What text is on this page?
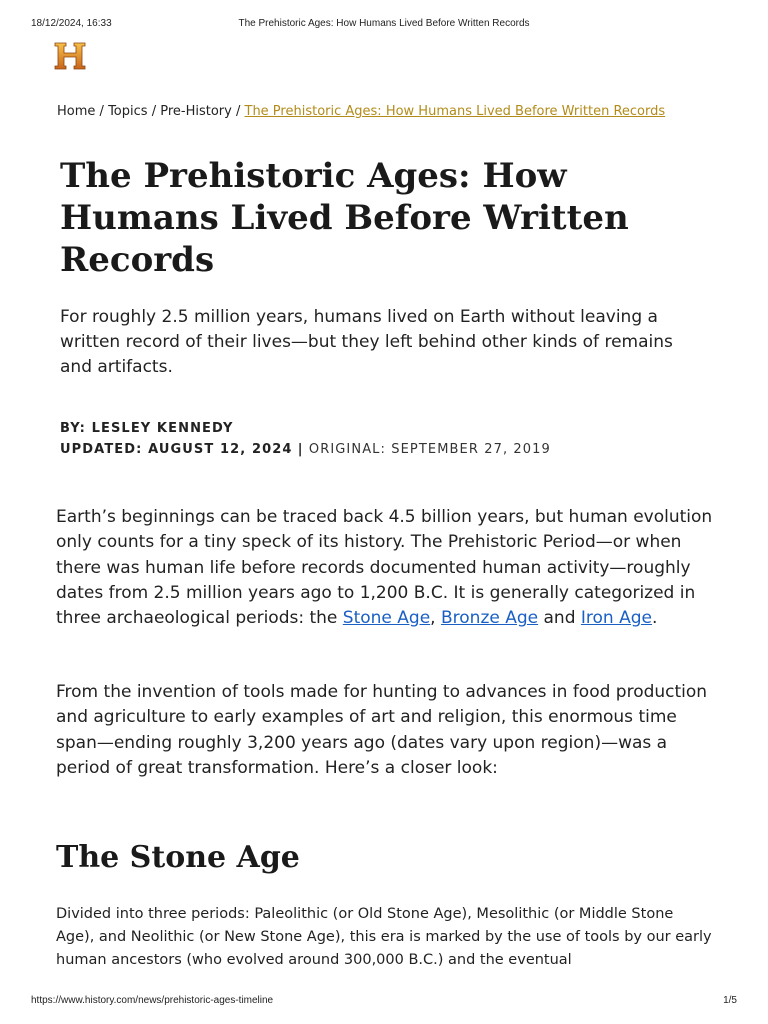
18/12/2024, 16:33	The Prehistoric Ages: How Humans Lived Before Written Records
Home / Topics / Pre-History / The Prehistoric Ages: How Humans Lived Before Written Records
The Prehistoric Ages: How
Humans Lived Before Written
Records

For roughly 2.5 million years, humans lived on Earth without leaving a written record of their lives—but they left behind other kinds of remains and artifacts.

BY: LESLEY KENNEDY
UPDATED: AUGUST 12, 2024 | ORIGINAL: SEPTEMBER 27, 2019

Earth’s beginnings can be traced back 4.5 billion years, but human evolution only counts for a tiny speck of its history. The Prehistoric Period—or when there was human life before records documented human activity—roughly dates from 2.5 million years ago to 1,200 B.C. It is generally categorized in three archaeological periods: the Stone Age, Bronze Age and Iron Age.

From the invention of tools made for hunting to advances in food production and agriculture to early examples of art and religion, this enormous time span—ending roughly 3,200 years ago (dates vary upon region)—was a period of great transformation. Here’s a closer look:

The Stone Age

Divided into three periods: Paleolithic (or Old Stone Age), Mesolithic (or Middle Stone Age), and Neolithic (or New Stone Age), this era is marked by the use of tools by our early human ancestors (who evolved around 300,000 B.C.) and the eventual

https://www.history.com/news/prehistoric-ages-timeline	1/5
